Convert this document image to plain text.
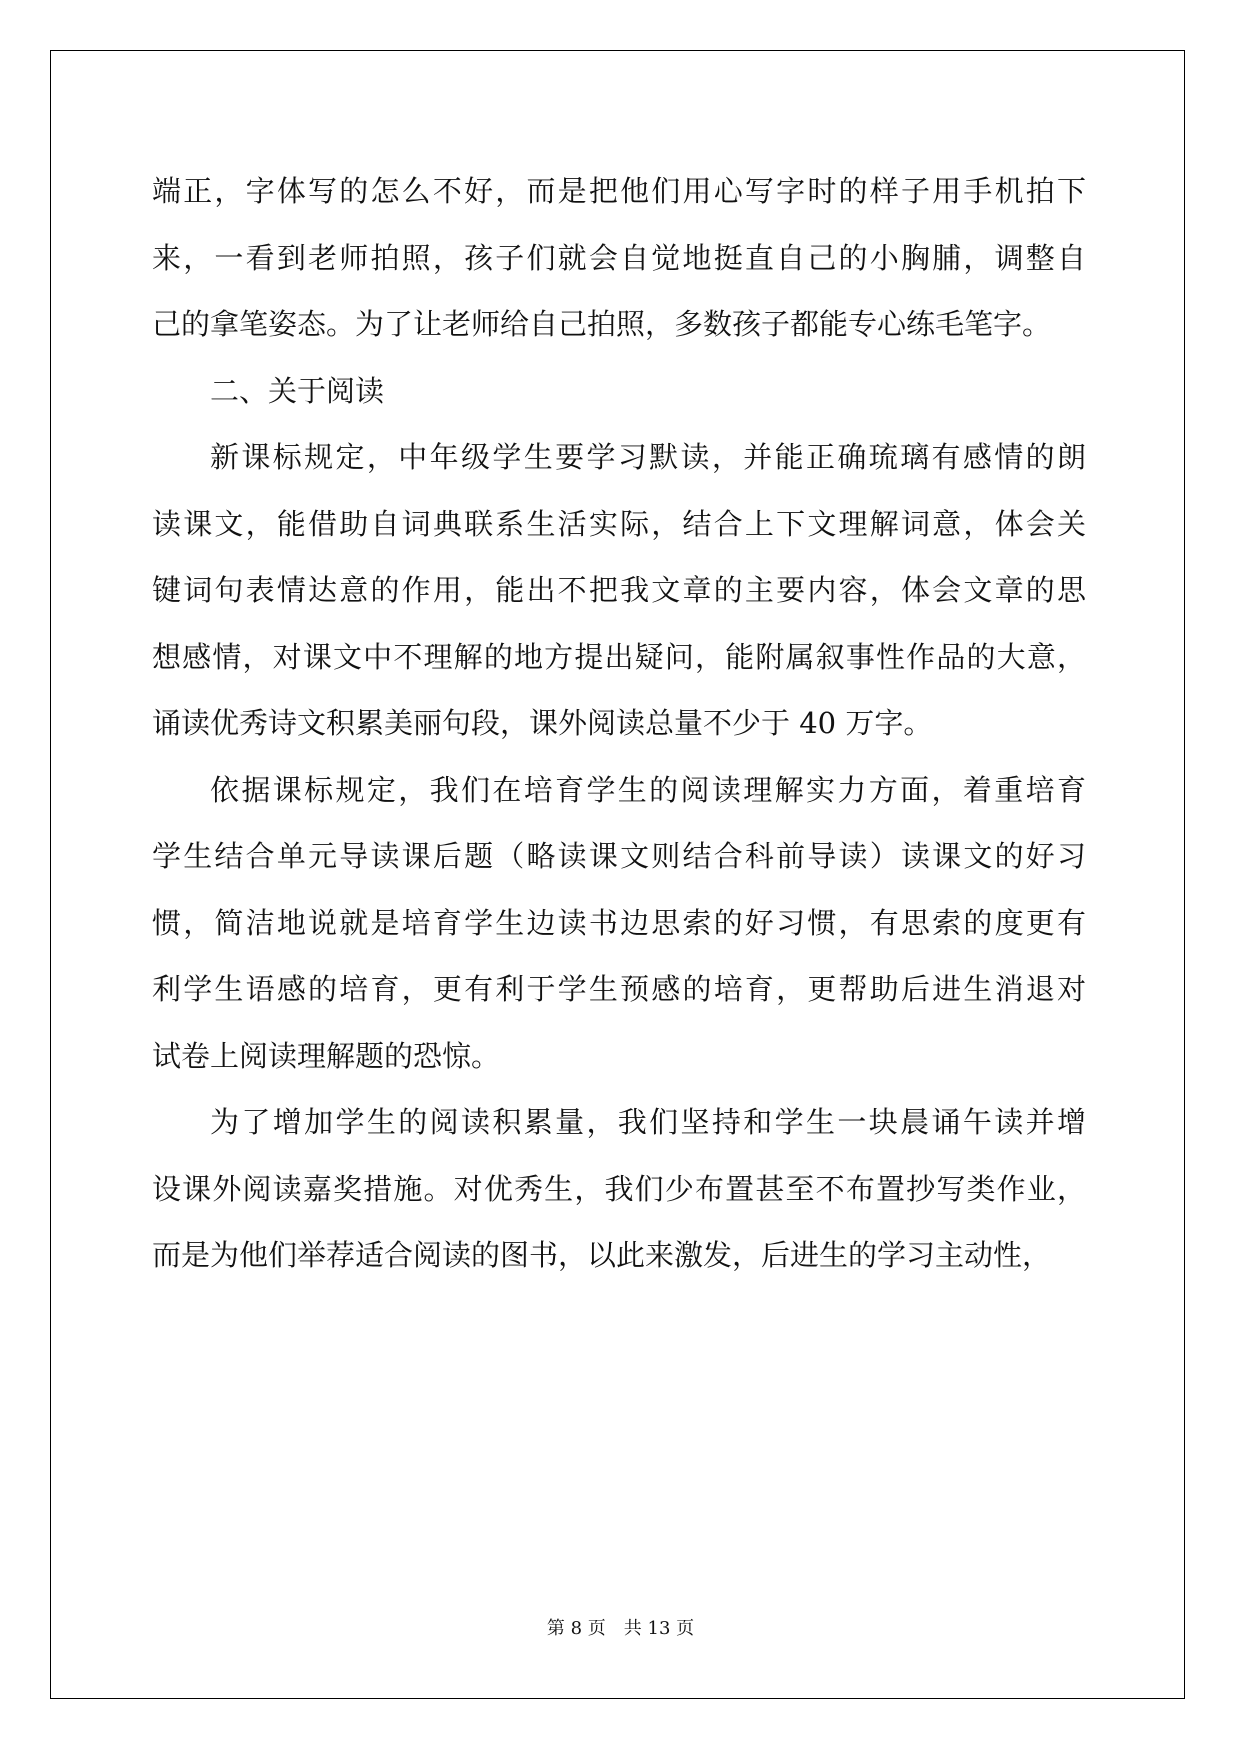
端正，字体写的怎么不好，而是把他们用心写字时的样子用手机拍下

来，一看到老师拍照，孩子们就会自觉地挺直自己的小胸脯，调整自

己的拿笔姿态。为了让老师给自己拍照，多数孩子都能专心练毛笔字。

二、关于阅读

新课标规定，中年级学生要学习默读，并能正确琉璃有感情的朗

读课文，能借助自词典联系生活实际，结合上下文理解词意，体会关

键词句表情达意的作用，能出不把我文章的主要内容，体会文章的思

想感情，对课文中不理解的地方提出疑问，能附属叙事性作品的大意，

诵读优秀诗文积累美丽句段，课外阅读总量不少于 40 万字。

依据课标规定，我们在培育学生的阅读理解实力方面，着重培育

学生结合单元导读课后题（略读课文则结合科前导读）读课文的好习

惯，简洁地说就是培育学生边读书边思索的好习惯，有思索的度更有

利学生语感的培育，更有利于学生预感的培育，更帮助后进生消退对

试卷上阅读理解题的恐惊。

为了增加学生的阅读积累量，我们坚持和学生一块晨诵午读并增

设课外阅读嘉奖措施。对优秀生，我们少布置甚至不布置抄写类作业，

而是为他们举荐适合阅读的图书，以此来激发，后进生的学习主动性，

第 8 页　共 13 页
